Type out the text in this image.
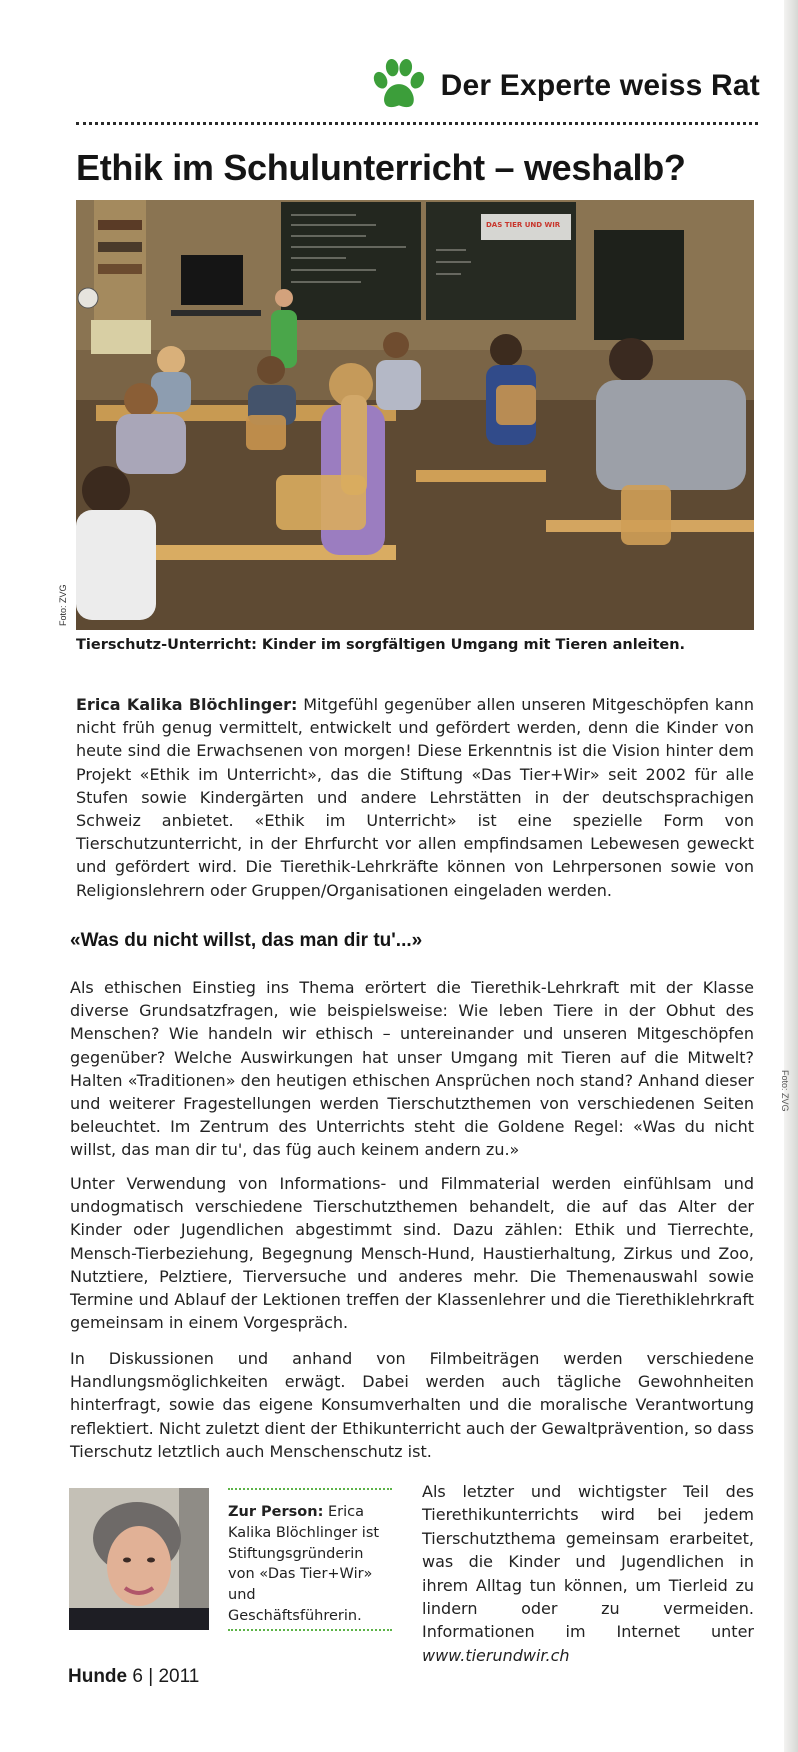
Der Experte weiss Rat
Ethik im Schulunterricht – weshalb?
DAS TIER UND WIR
Foto: ZVG
Foto: ZVG

Tierschutz-Unterricht: Kinder im sorgfältigen Umgang mit Tieren anleiten.

Erica Kalika Blöchlinger: Mitgefühl gegenüber allen unseren Mitgeschöpfen kann nicht früh genug vermittelt, entwickelt und gefördert werden, denn die Kinder von heute sind die Erwachsenen von morgen! Diese Erkenntnis ist die Vision hinter dem Projekt «Ethik im Unterricht», das die Stiftung «Das Tier+Wir» seit 2002 für alle Stufen sowie Kindergärten und andere Lehrstätten in der deutschsprachigen Schweiz anbietet. «Ethik im Unterricht» ist eine spezielle Form von Tierschutzunterricht, in der Ehrfurcht vor allen empfindsamen Lebewesen geweckt und gefördert wird. Die Tierethik-Lehrkräfte können von Lehrpersonen sowie von Religionslehrern oder Gruppen/Organisationen eingeladen werden.

«Was du nicht willst, das man dir tu'...»

Als ethischen Einstieg ins Thema erörtert die Tierethik-Lehrkraft mit der Klasse diverse Grundsatzfragen, wie beispielsweise: Wie leben Tiere in der Obhut des Menschen? Wie handeln wir ethisch – untereinander und unseren Mitgeschöpfen gegenüber? Welche Auswirkungen hat unser Umgang mit Tieren auf die Mitwelt? Halten «Traditionen» den heutigen ethischen Ansprüchen noch stand? Anhand dieser und weiterer Fragestellungen werden Tierschutzthemen von verschiedenen Seiten beleuchtet. Im Zentrum des Unterrichts steht die Goldene Regel: «Was du nicht willst, das man dir tu', das füg auch keinem andern zu.»

Unter Verwendung von Informations- und Filmmaterial werden einfühlsam und undogmatisch verschiedene Tierschutzthemen behandelt, die auf das Alter der Kinder oder Jugendlichen abgestimmt sind. Dazu zählen: Ethik und Tierrechte, Mensch-Tierbeziehung, Begegnung Mensch-Hund, Haustierhaltung, Zirkus und Zoo, Nutztiere, Pelztiere, Tierversuche und anderes mehr. Die Themenauswahl sowie Termine und Ablauf der Lektionen treffen der Klassenlehrer und die Tierethiklehrkraft gemeinsam in einem Vorgespräch.

In Diskussionen und anhand von Filmbeiträgen werden verschiedene Handlungsmöglichkeiten erwägt. Dabei werden auch tägliche Gewohnheiten hinterfragt, sowie das eigene Konsumverhalten und die moralische Verantwortung reflektiert. Nicht zuletzt dient der Ethikunterricht auch der Gewaltprävention, so dass Tierschutz letztlich auch Menschenschutz ist.

Zur Person: Erica Kalika Blöchlinger ist Stiftungsgründerin von «Das Tier+Wir» und Geschäftsführerin.

Als letzter und wichtigster Teil des Tierethikunterrichts wird bei jedem Tierschutzthema gemeinsam erarbeitet, was die Kinder und Jugendlichen in ihrem Alltag tun können, um Tierleid zu lindern oder zu vermeiden. Informationen im Internet unter www.tierundwir.ch

Hunde 6 | 2011
